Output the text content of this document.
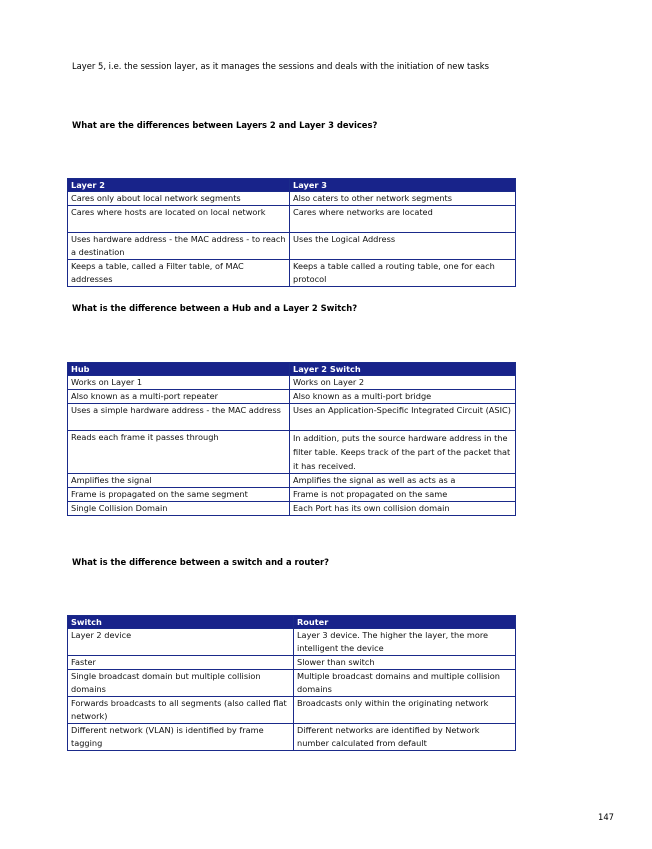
Layer 5, i.e. the session layer, as it manages the sessions and deals with the initiation of new tasks
What are the differences between Layers 2 and Layer 3 devices?
Layer 2	Layer 3
Cares only about local network segments	Also caters to other network segments
Cares where hosts are located on local network	Cares where networks are located
Uses hardware address - the MAC address - to reach a destination	Uses the Logical Address
Keeps a table, called a Filter table, of MAC addresses	Keeps a table called a routing table, one for each protocol
What is the difference between a Hub and a Layer 2 Switch?
Hub	Layer 2 Switch
Works on Layer 1	Works on Layer 2
Also known as a multi-port repeater	Also known as a multi-port bridge
Uses a simple hardware address - the MAC address	Uses an Application-Specific Integrated Circuit (ASIC)
Reads each frame it passes through	In addition, puts the source hardware address in the filter table. Keeps track of the part of the packet that it has received.
Amplifies the signal	Amplifies the signal as well as acts as a
Frame is propagated on the same segment	Frame is not propagated on the same
Single Collision Domain	Each Port has its own collision domain
What is the difference between a switch and a router?
Switch	Router
Layer 2 device	Layer 3 device. The higher the layer, the more intelligent the device
Faster	Slower than switch
Single broadcast domain but multiple collision domains	Multiple broadcast domains and multiple collision domains
Forwards broadcasts to all segments (also called flat network)	Broadcasts only within the originating network
Different network (VLAN) is identified by frame tagging	Different networks are identified by Network number calculated from default
147
